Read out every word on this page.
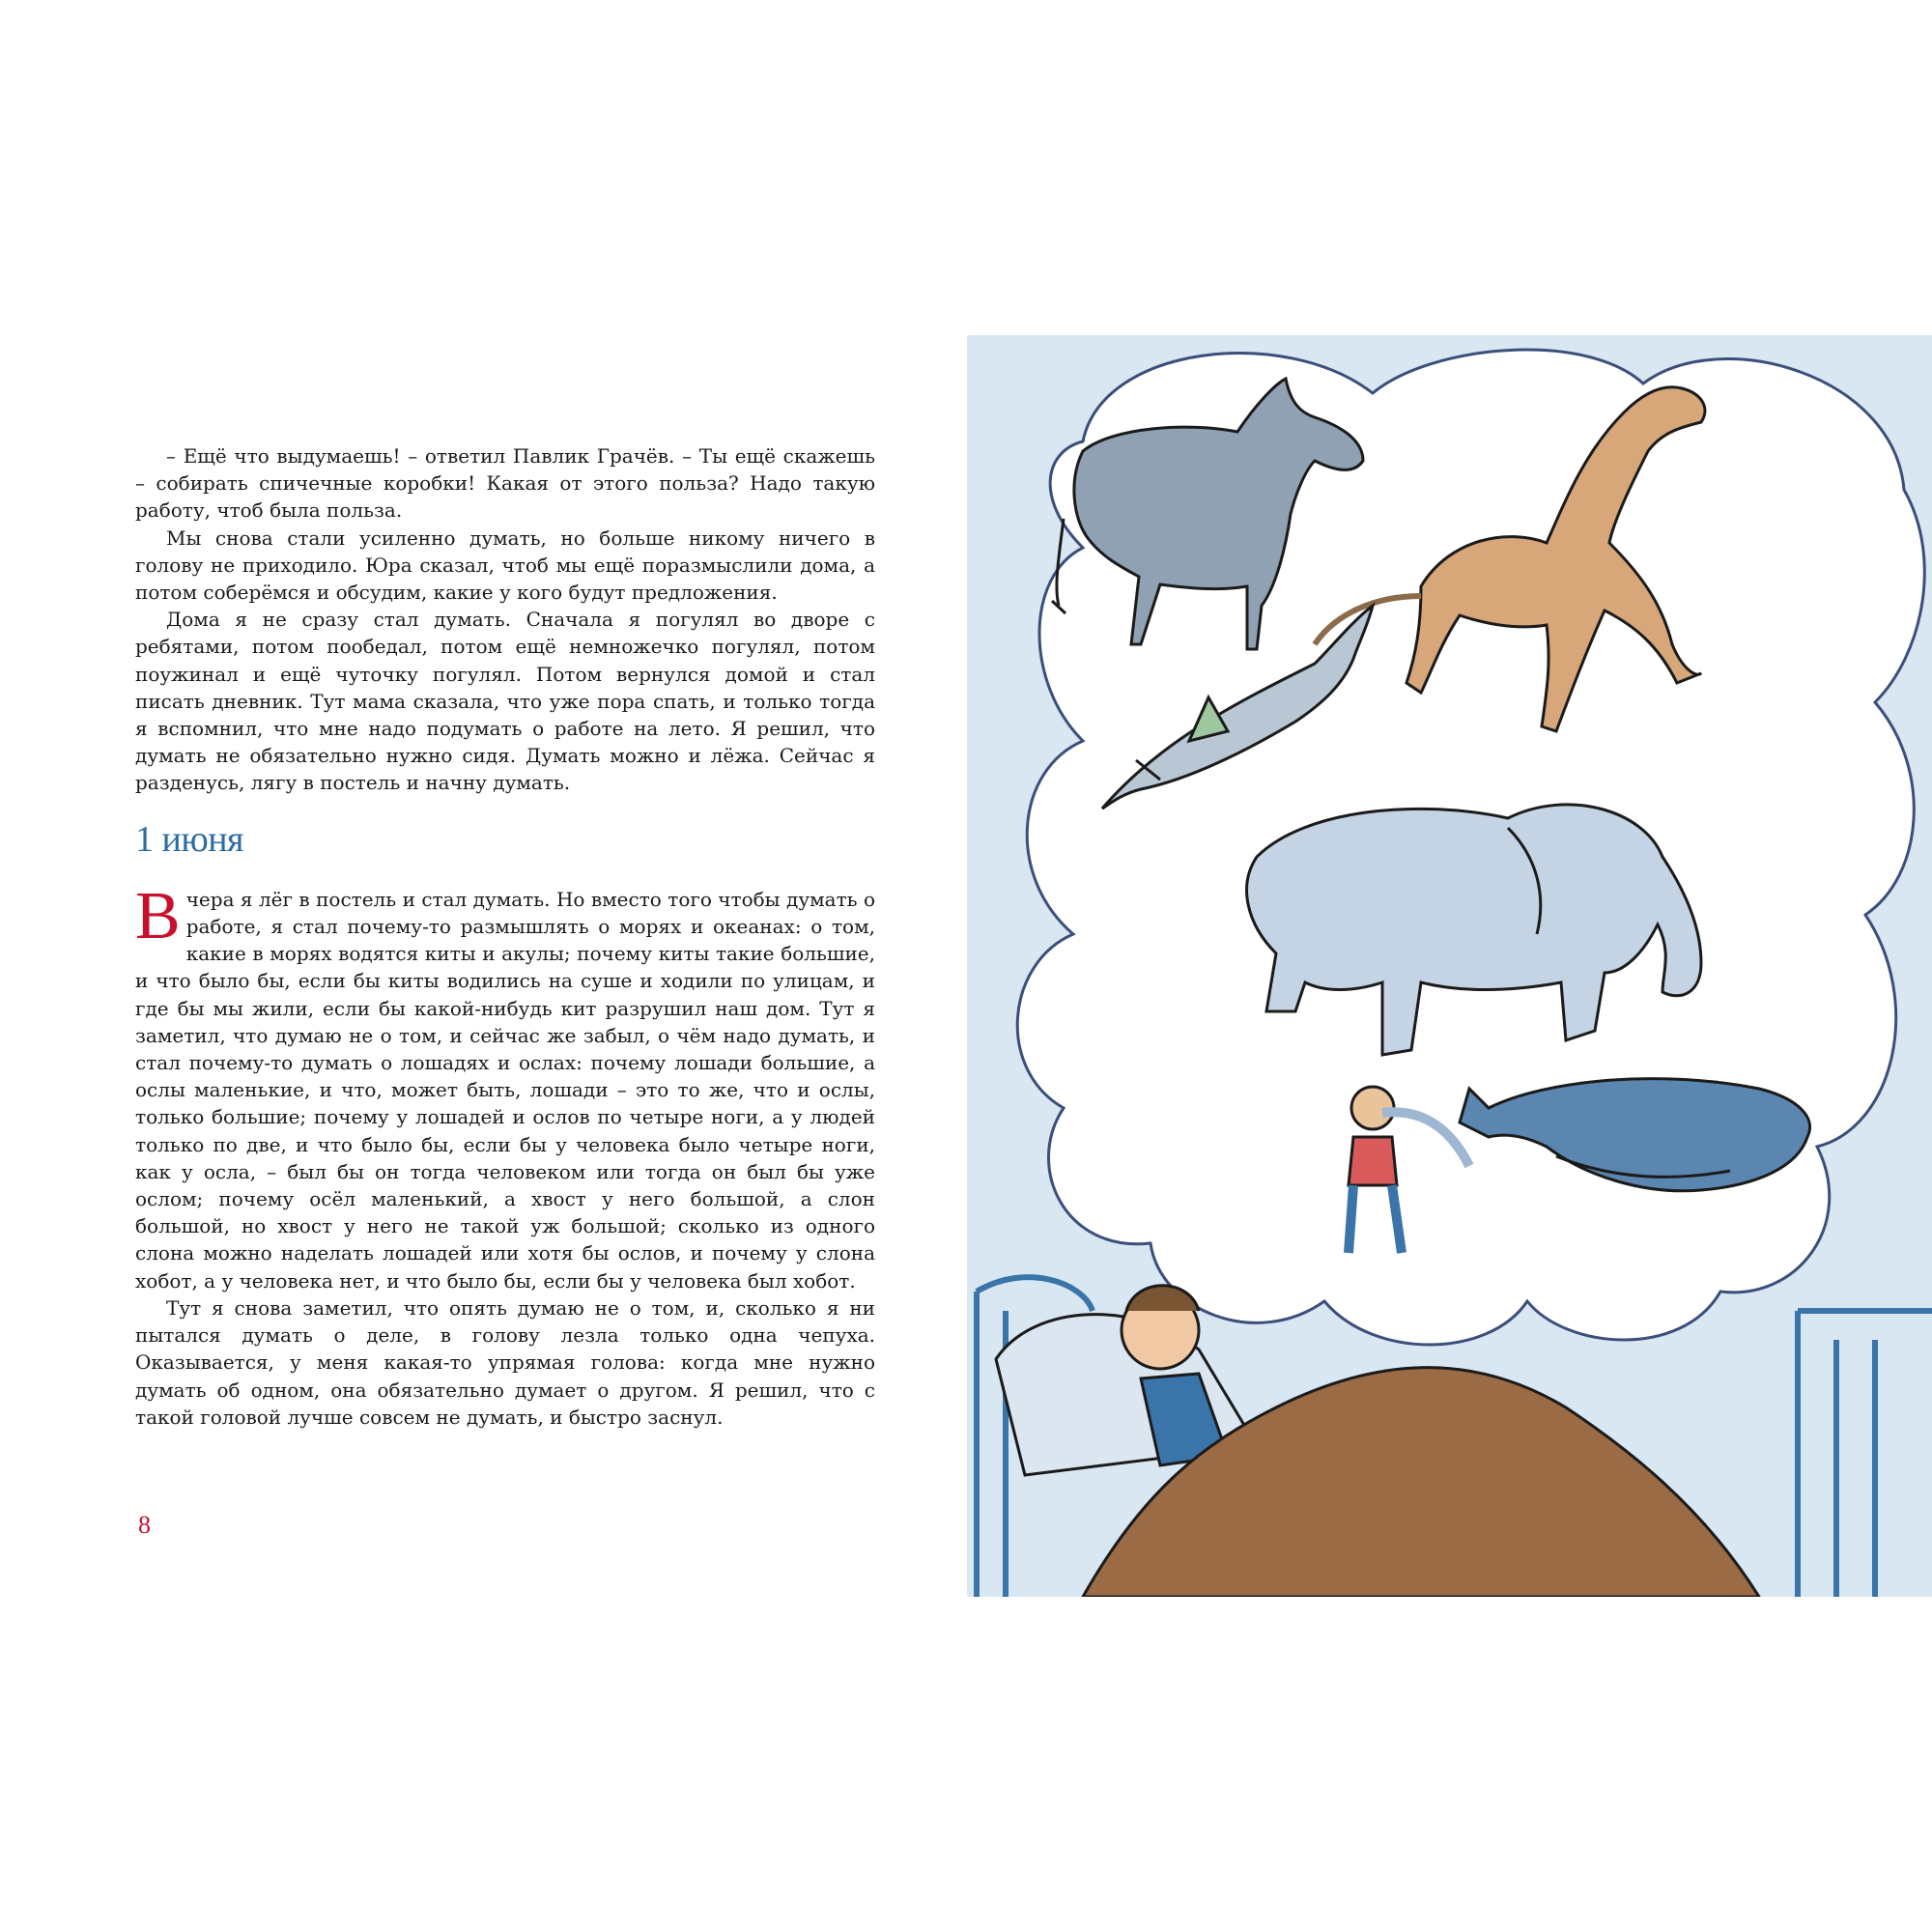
– Ещё что выдумаешь! – ответил Павлик Грачёв. – Ты ещё скажешь – собирать спичечные коробки! Какая от этого польза? Надо такую работу, чтоб была польза.

Мы снова стали усиленно думать, но больше никому ничего в голову не приходило. Юра сказал, чтоб мы ещё поразмыслили дома, а потом соберёмся и обсудим, какие у кого будут предложения.

Дома я не сразу стал думать. Сначала я погулял во дворе с ребятами, потом пообедал, потом ещё немножечко погулял, потом поужинал и ещё чуточку погулял. Потом вернулся домой и стал писать дневник. Тут мама сказала, что уже пора спать, и только тогда я вспомнил, что мне надо подумать о работе на лето. Я решил, что думать не обязательно нужно сидя. Думать можно и лёжа. Сейчас я разденусь, лягу в постель и начну думать.

1 июня

Вчера я лёг в постель и стал думать. Но вместо того чтобы думать о работе, я стал почему-то размышлять о морях и океанах: о том, какие в морях водятся киты и акулы; почему киты такие большие, и что было бы, если бы киты водились на суше и ходили по улицам, и где бы мы жили, если бы какой-нибудь кит разрушил наш дом. Тут я заметил, что думаю не о том, и сейчас же забыл, о чём надо думать, и стал почему-то думать о лошадях и ослах: почему лошади большие, а ослы маленькие, и что, может быть, лошади – это то же, что и ослы, только большие; почему у лошадей и ослов по четыре ноги, а у людей только по две, и что было бы, если бы у человека было четыре ноги, как у осла, – был бы он тогда человеком или тогда он был бы уже ослом; почему осёл маленький, а хвост у него большой, а слон большой, но хвост у него не такой уж большой; сколько из одного слона можно наделать лошадей или хотя бы ослов, и почему у слона хобот, а у человека нет, и что было бы, если бы у человека был хобот.

Тут я снова заметил, что опять думаю не о том, и, сколько я ни пытался думать о деле, в голову лезла только одна чепуха. Оказывается, у меня какая-то упрямая голова: когда мне нужно думать об одном, она обязательно думает о другом. Я решил, что с такой головой лучше совсем не думать, и быстро заснул.

8
